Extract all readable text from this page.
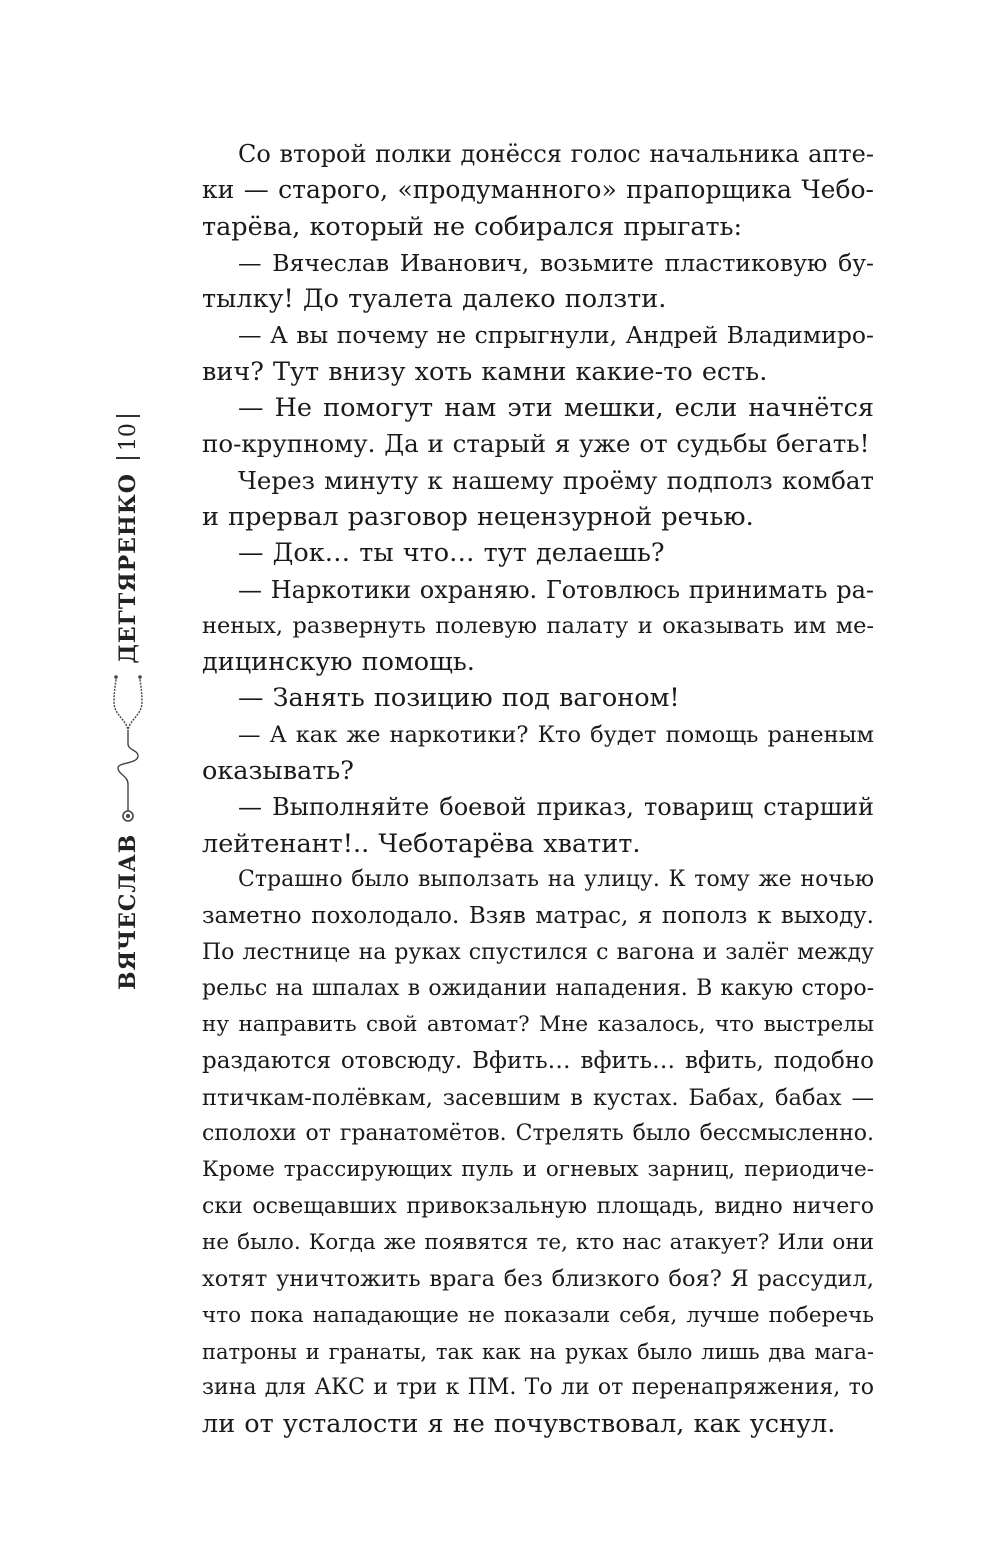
ВЯЧЕСЛАВ
ДЕГТЯРЕНКО
10
Со второй полки донёсся голос начальника апте-
ки — старого, «продуманного» прапорщика Чебо-
тарёва, который не собирался прыгать:
— Вячеслав Иванович, возьмите пластиковую бу-
тылку! До туалета далеко ползти.
— А вы почему не спрыгнули, Андрей Владимиро-
вич? Тут внизу хоть камни какие-то есть.
— Не помогут нам эти мешки, если начнётся
по-крупному. Да и старый я уже от судьбы бегать!
Через минуту к нашему проёму подполз комбат
и прервал разговор нецензурной речью.
— Док… ты что… тут делаешь?
— Наркотики охраняю. Готовлюсь принимать ра-
неных, развернуть полевую палату и оказывать им ме-
дицинскую помощь.
— Занять позицию под вагоном!
— А как же наркотики? Кто будет помощь раненым
оказывать?
— Выполняйте боевой приказ, товарищ старший
лейтенант!.. Чеботарёва хватит.
Страшно было выползать на улицу. К тому же ночью
заметно похолодало. Взяв матрас, я пополз к выходу.
По лестнице на руках спустился с вагона и залёг между
рельс на шпалах в ожидании нападения. В какую сторо-
ну направить свой автомат? Мне казалось, что выстрелы
раздаются отовсюду. Вфить… вфить… вфить, подобно
птичкам-полёвкам, засевшим в кустах. Бабах, бабах —
сполохи от гранатомётов. Стрелять было бессмысленно.
Кроме трассирующих пуль и огневых зарниц, периодиче-
ски освещавших привокзальную площадь, видно ничего
не было. Когда же появятся те, кто нас атакует? Или они
хотят уничтожить врага без близкого боя? Я рассудил,
что пока нападающие не показали себя, лучше поберечь
патроны и гранаты, так как на руках было лишь два мага-
зина для АКС и три к ПМ. То ли от перенапряжения, то
ли от усталости я не почувствовал, как уснул.
